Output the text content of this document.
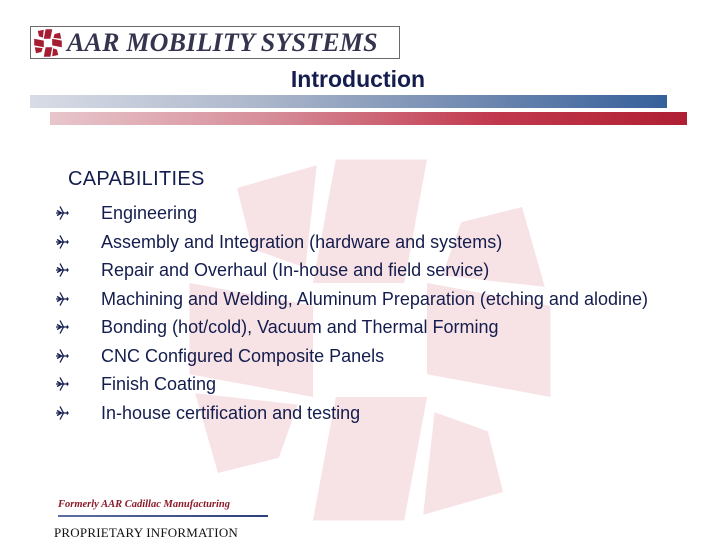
AAR MOBILITY SYSTEMS
Introduction
CAPABILITIES
Engineering
Assembly and Integration (hardware and systems)
Repair and Overhaul (In-house and field service)
Machining and Welding, Aluminum Preparation (etching and alodine)
Bonding (hot/cold), Vacuum and Thermal Forming
CNC Configured Composite Panels
Finish Coating
In-house certification and testing
Formerly AAR Cadillac Manufacturing
PROPRIETARY INFORMATION
